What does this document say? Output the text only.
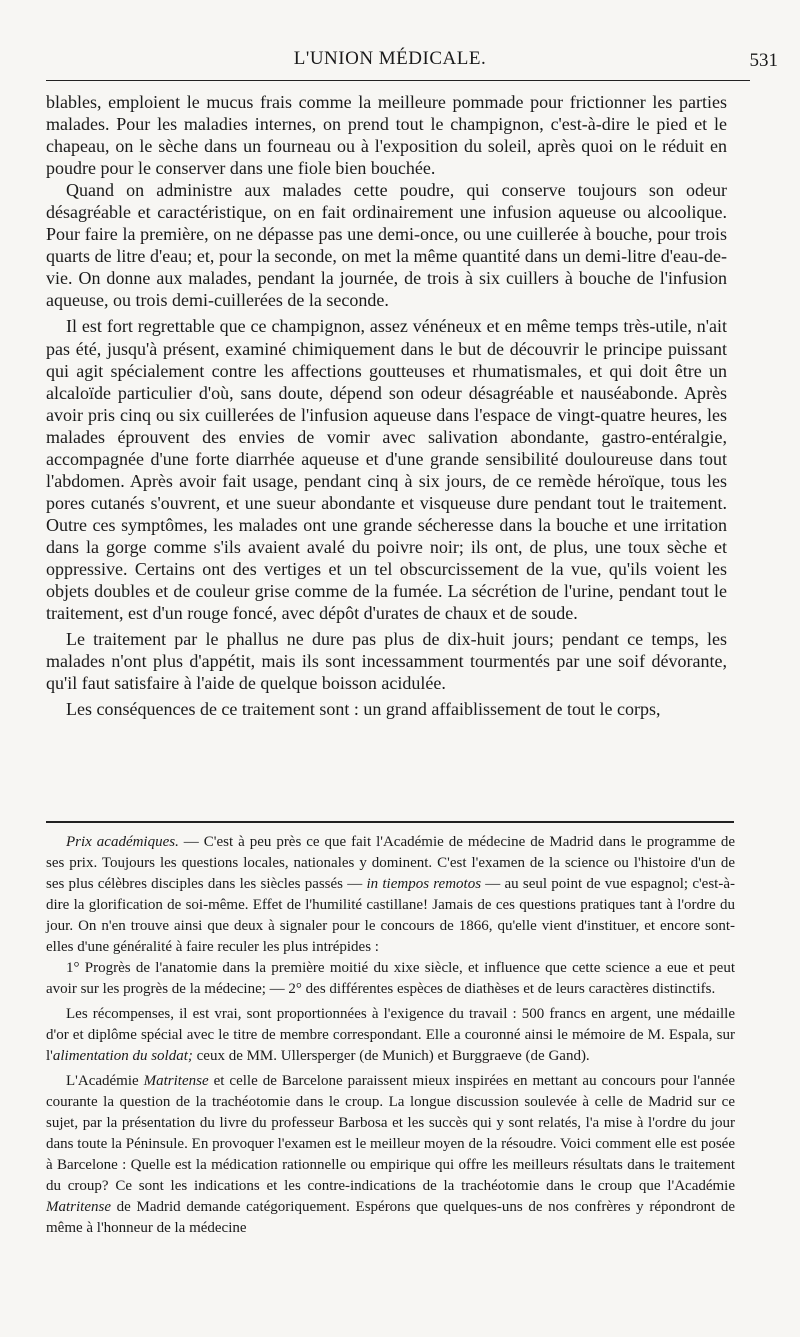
L'UNION MÉDICALE.	531

blables, emploient le mucus frais comme la meilleure pommade pour frictionner les parties malades. Pour les maladies internes, on prend tout le champignon, c'est-à-dire le pied et le chapeau, on le sèche dans un fourneau ou à l'exposition du soleil, après quoi on le réduit en poudre pour le conserver dans une fiole bien bouchée.

Quand on administre aux malades cette poudre, qui conserve toujours son odeur désagréable et caractéristique, on en fait ordinairement une infusion aqueuse ou alcoolique. Pour faire la première, on ne dépasse pas une demi-once, ou une cuillerée à bouche, pour trois quarts de litre d'eau; et, pour la seconde, on met la même quantité dans un demi-litre d'eau-de-vie. On donne aux malades, pendant la journée, de trois à six cuillers à bouche de l'infusion aqueuse, ou trois demi-cuillerées de la seconde.

Il est fort regrettable que ce champignon, assez vénéneux et en même temps très-utile, n'ait pas été, jusqu'à présent, examiné chimiquement dans le but de découvrir le principe puissant qui agit spécialement contre les affections goutteuses et rhumatismales, et qui doit être un alcaloïde particulier d'où, sans doute, dépend son odeur désagréable et nauséabonde. Après avoir pris cinq ou six cuillerées de l'infusion aqueuse dans l'espace de vingt-quatre heures, les malades éprouvent des envies de vomir avec salivation abondante, gastro-entéralgie, accompagnée d'une forte diarrhée aqueuse et d'une grande sensibilité douloureuse dans tout l'abdomen. Après avoir fait usage, pendant cinq à six jours, de ce remède héroïque, tous les pores cutanés s'ouvrent, et une sueur abondante et visqueuse dure pendant tout le traitement. Outre ces symptômes, les malades ont une grande sécheresse dans la bouche et une irritation dans la gorge comme s'ils avaient avalé du poivre noir; ils ont, de plus, une toux sèche et oppressive. Certains ont des vertiges et un tel obscurcissement de la vue, qu'ils voient les objets doubles et de couleur grise comme de la fumée. La sécrétion de l'urine, pendant tout le traitement, est d'un rouge foncé, avec dépôt d'urates de chaux et de soude.

Le traitement par le phallus ne dure pas plus de dix-huit jours; pendant ce temps, les malades n'ont plus d'appétit, mais ils sont incessamment tourmentés par une soif dévorante, qu'il faut satisfaire à l'aide de quelque boisson acidulée.

Les conséquences de ce traitement sont : un grand affaiblissement de tout le corps,

Prix académiques. — C'est à peu près ce que fait l'Académie de médecine de Madrid dans le programme de ses prix. Toujours les questions locales, nationales y dominent. C'est l'examen de la science ou l'histoire d'un de ses plus célèbres disciples dans les siècles passés — in tiempos remotos — au seul point de vue espagnol; c'est-à-dire la glorification de soi-même. Effet de l'humilité castillane! Jamais de ces questions pratiques tant à l'ordre du jour. On n'en trouve ainsi que deux à signaler pour le concours de 1866, qu'elle vient d'instituer, et encore sont-elles d'une généralité à faire reculer les plus intrépides :

1° Progrès de l'anatomie dans la première moitié du xixe siècle, et influence que cette science a eue et peut avoir sur les progrès de la médecine; — 2° des différentes espèces de diathèses et de leurs caractères distinctifs.

Les récompenses, il est vrai, sont proportionnées à l'exigence du travail : 500 francs en argent, une médaille d'or et diplôme spécial avec le titre de membre correspondant. Elle a couronné ainsi le mémoire de M. Espala, sur l'alimentation du soldat; ceux de MM. Ullersperger (de Munich) et Burggraeve (de Gand).

L'Académie Matritense et celle de Barcelone paraissent mieux inspirées en mettant au concours pour l'année courante la question de la trachéotomie dans le croup. La longue discussion soulevée à celle de Madrid sur ce sujet, par la présentation du livre du professeur Barbosa et les succès qui y sont relatés, l'a mise à l'ordre du jour dans toute la Péninsule. En provoquer l'examen est le meilleur moyen de la résoudre. Voici comment elle est posée à Barcelone : Quelle est la médication rationnelle ou empirique qui offre les meilleurs résultats dans le traitement du croup? Ce sont les indications et les contre-indications de la trachéotomie dans le croup que l'Académie Matritense de Madrid demande catégoriquement. Espérons que quelques-uns de nos confrères y répondront de même à l'honneur de la médecine
